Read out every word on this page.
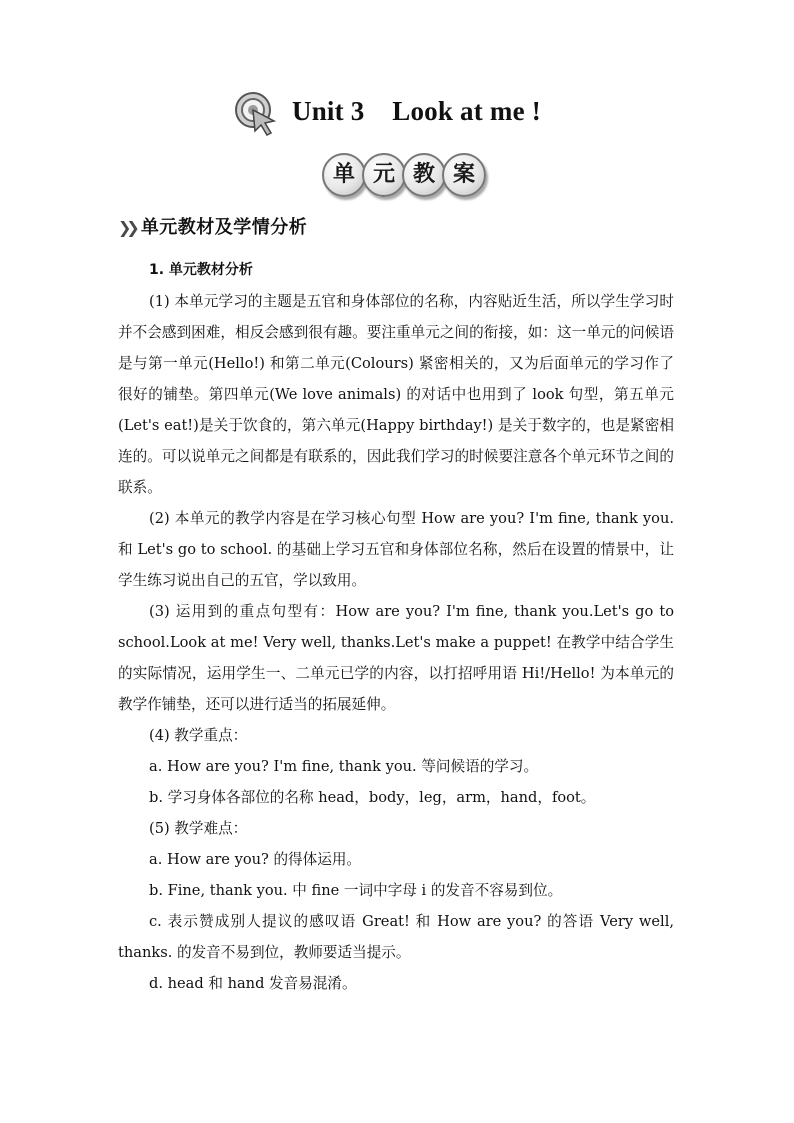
Unit 3    Look at me !
单 元 教 案
❯❯ 单元教材及学情分析

1. 单元教材分析

(1) 本单元学习的主题是五官和身体部位的名称，内容贴近生活，所以学生学习时并不会感到困难，相反会感到很有趣。要注重单元之间的衔接，如：这一单元的问候语是与第一单元(Hello!) 和第二单元(Colours) 紧密相关的，又为后面单元的学习作了很好的铺垫。第四单元(We love animals) 的对话中也用到了 look 句型，第五单元(Let's eat!)是关于饮食的，第六单元(Happy birthday!) 是关于数字的，也是紧密相连的。可以说单元之间都是有联系的，因此我们学习的时候要注意各个单元环节之间的联系。

(2) 本单元的教学内容是在学习核心句型 How are you? I'm fine, thank you.和 Let's go to school. 的基础上学习五官和身体部位名称，然后在设置的情景中，让学生练习说出自己的五官，学以致用。

(3) 运用到的重点句型有：How are you? I'm fine, thank you.Let's go to school.Look at me! Very well, thanks.Let's make a puppet! 在教学中结合学生的实际情况，运用学生一、二单元已学的内容，以打招呼用语 Hi!/Hello! 为本单元的教学作铺垫，还可以进行适当的拓展延伸。

(4) 教学重点：

a. How are you? I'm fine, thank you. 等问候语的学习。

b. 学习身体各部位的名称 head，body，leg，arm，hand，foot。

(5) 教学难点：

a. How are you? 的得体运用。

b. Fine, thank you. 中 fine 一词中字母 i 的发音不容易到位。

c. 表示赞成别人提议的感叹语 Great! 和 How are you? 的答语 Very well, thanks. 的发音不易到位，教师要适当提示。

d. head 和 hand 发音易混淆。
